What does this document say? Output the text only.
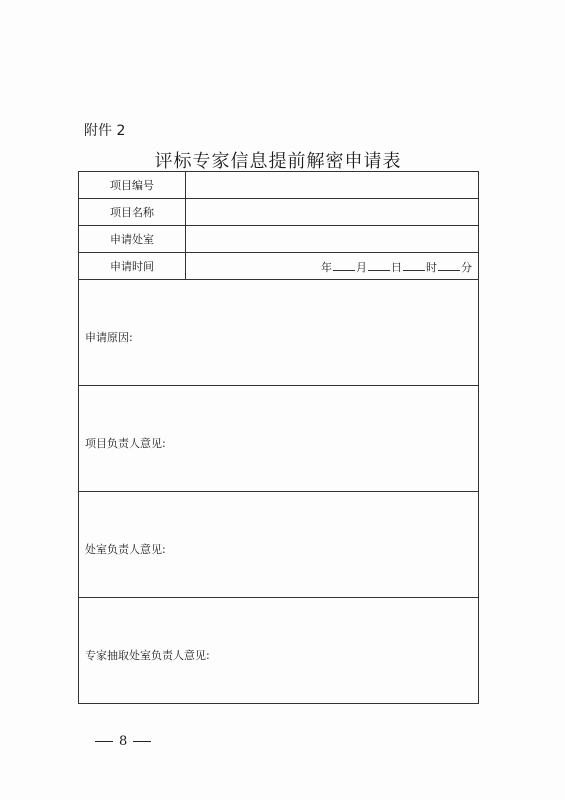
附件 2
评标专家信息提前解密申请表
项目编号	
项目名称	
申请处室	
申请时间	年 月 日 时 分

申请原因:	

项目负责人意见:	

处室负责人意见:	

专家抽取处室负责人意见:	
8
